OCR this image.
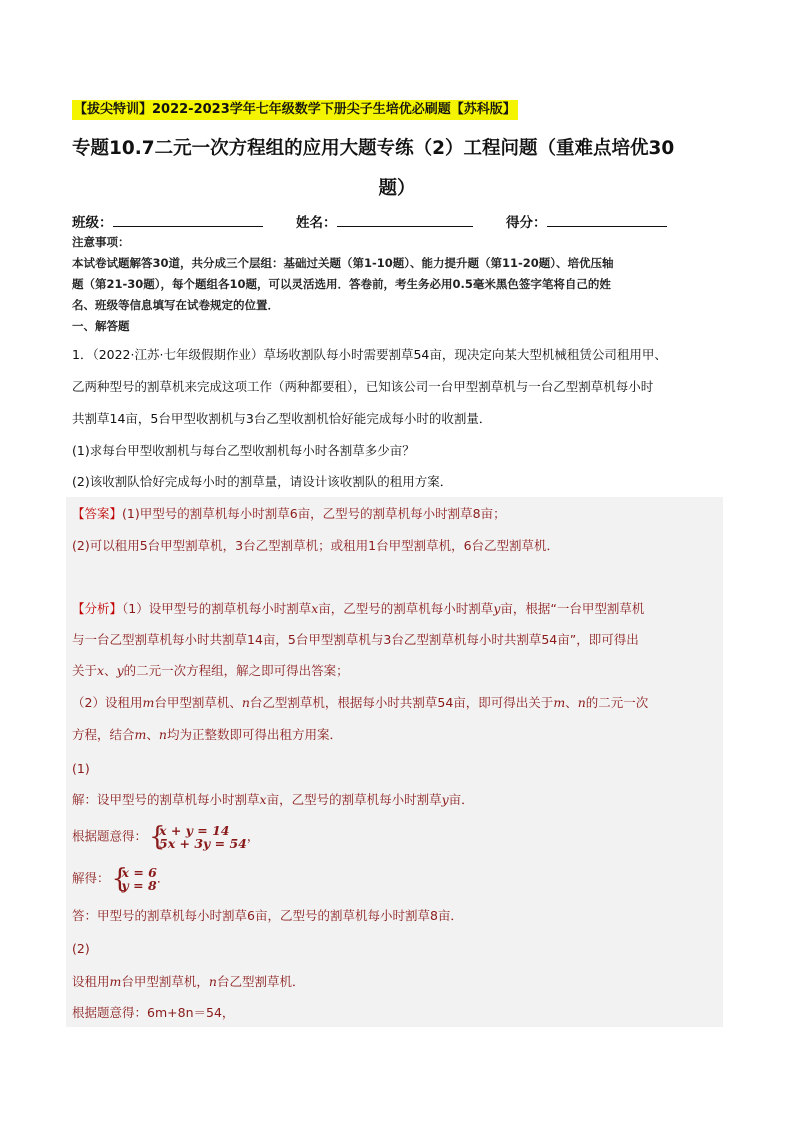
【拔尖特训】2022-2023学年七年级数学下册尖子生培优必刷题【苏科版】
专题10.7二元一次方程组的应用大题专练（2）工程问题（重难点培优30
题）
班级：	姓名：	得分：
注意事项：
本试卷试题解答30道，共分成三个层组：基础过关题（第1-10题）、能力提升题（第11-20题）、培优压轴
题（第21-30题），每个题组各10题，可以灵活选用．答卷前，考生务必用0.5毫米黑色签字笔将自己的姓
名、班级等信息填写在试卷规定的位置．
一、解答题
1．（2022·江苏·七年级假期作业）草场收割队每小时需要割草54亩，现决定向某大型机械租赁公司租用甲、
乙两种型号的割草机来完成这项工作（两种都要租），已知该公司一台甲型割草机与一台乙型割草机每小时
共割草14亩，5台甲型收割机与3台乙型收割机恰好能完成每小时的收割量．
(1)求每台甲型收割机与每台乙型收割机每小时各割草多少亩？
(2)该收割队恰好完成每小时的割草量，请设计该收割队的租用方案．
【答案】(1)甲型号的割草机每小时割草6亩，乙型号的割草机每小时割草8亩；
(2)可以租用5台甲型割草机，3台乙型割草机；或租用1台甲型割草机，6台乙型割草机．
【分析】（1）设甲型号的割草机每小时割草x亩，乙型号的割草机每小时割草y亩，根据“一台甲型割草机
与一台乙型割草机每小时共割草14亩，5台甲型割草机与3台乙型割草机每小时共割草54亩”，即可得出
关于x、y的二元一次方程组，解之即可得出答案；
（2）设租用m台甲型割草机、n台乙型割草机，根据每小时共割草54亩，即可得出关于m、n的二元一次
方程，结合m、n均为正整数即可得出租方用案．
(1)
解：设甲型号的割草机每小时割草x亩，乙型号的割草机每小时割草y亩．
根据题意得： {
x + y = 14
5x + 3y = 54 ，
解得： {
x = 6
y = 8 ．
答：甲型号的割草机每小时割草6亩，乙型号的割草机每小时割草8亩．
(2)
设租用m台甲型割草机，n台乙型割草机．
根据题意得：6m+8n＝54，
